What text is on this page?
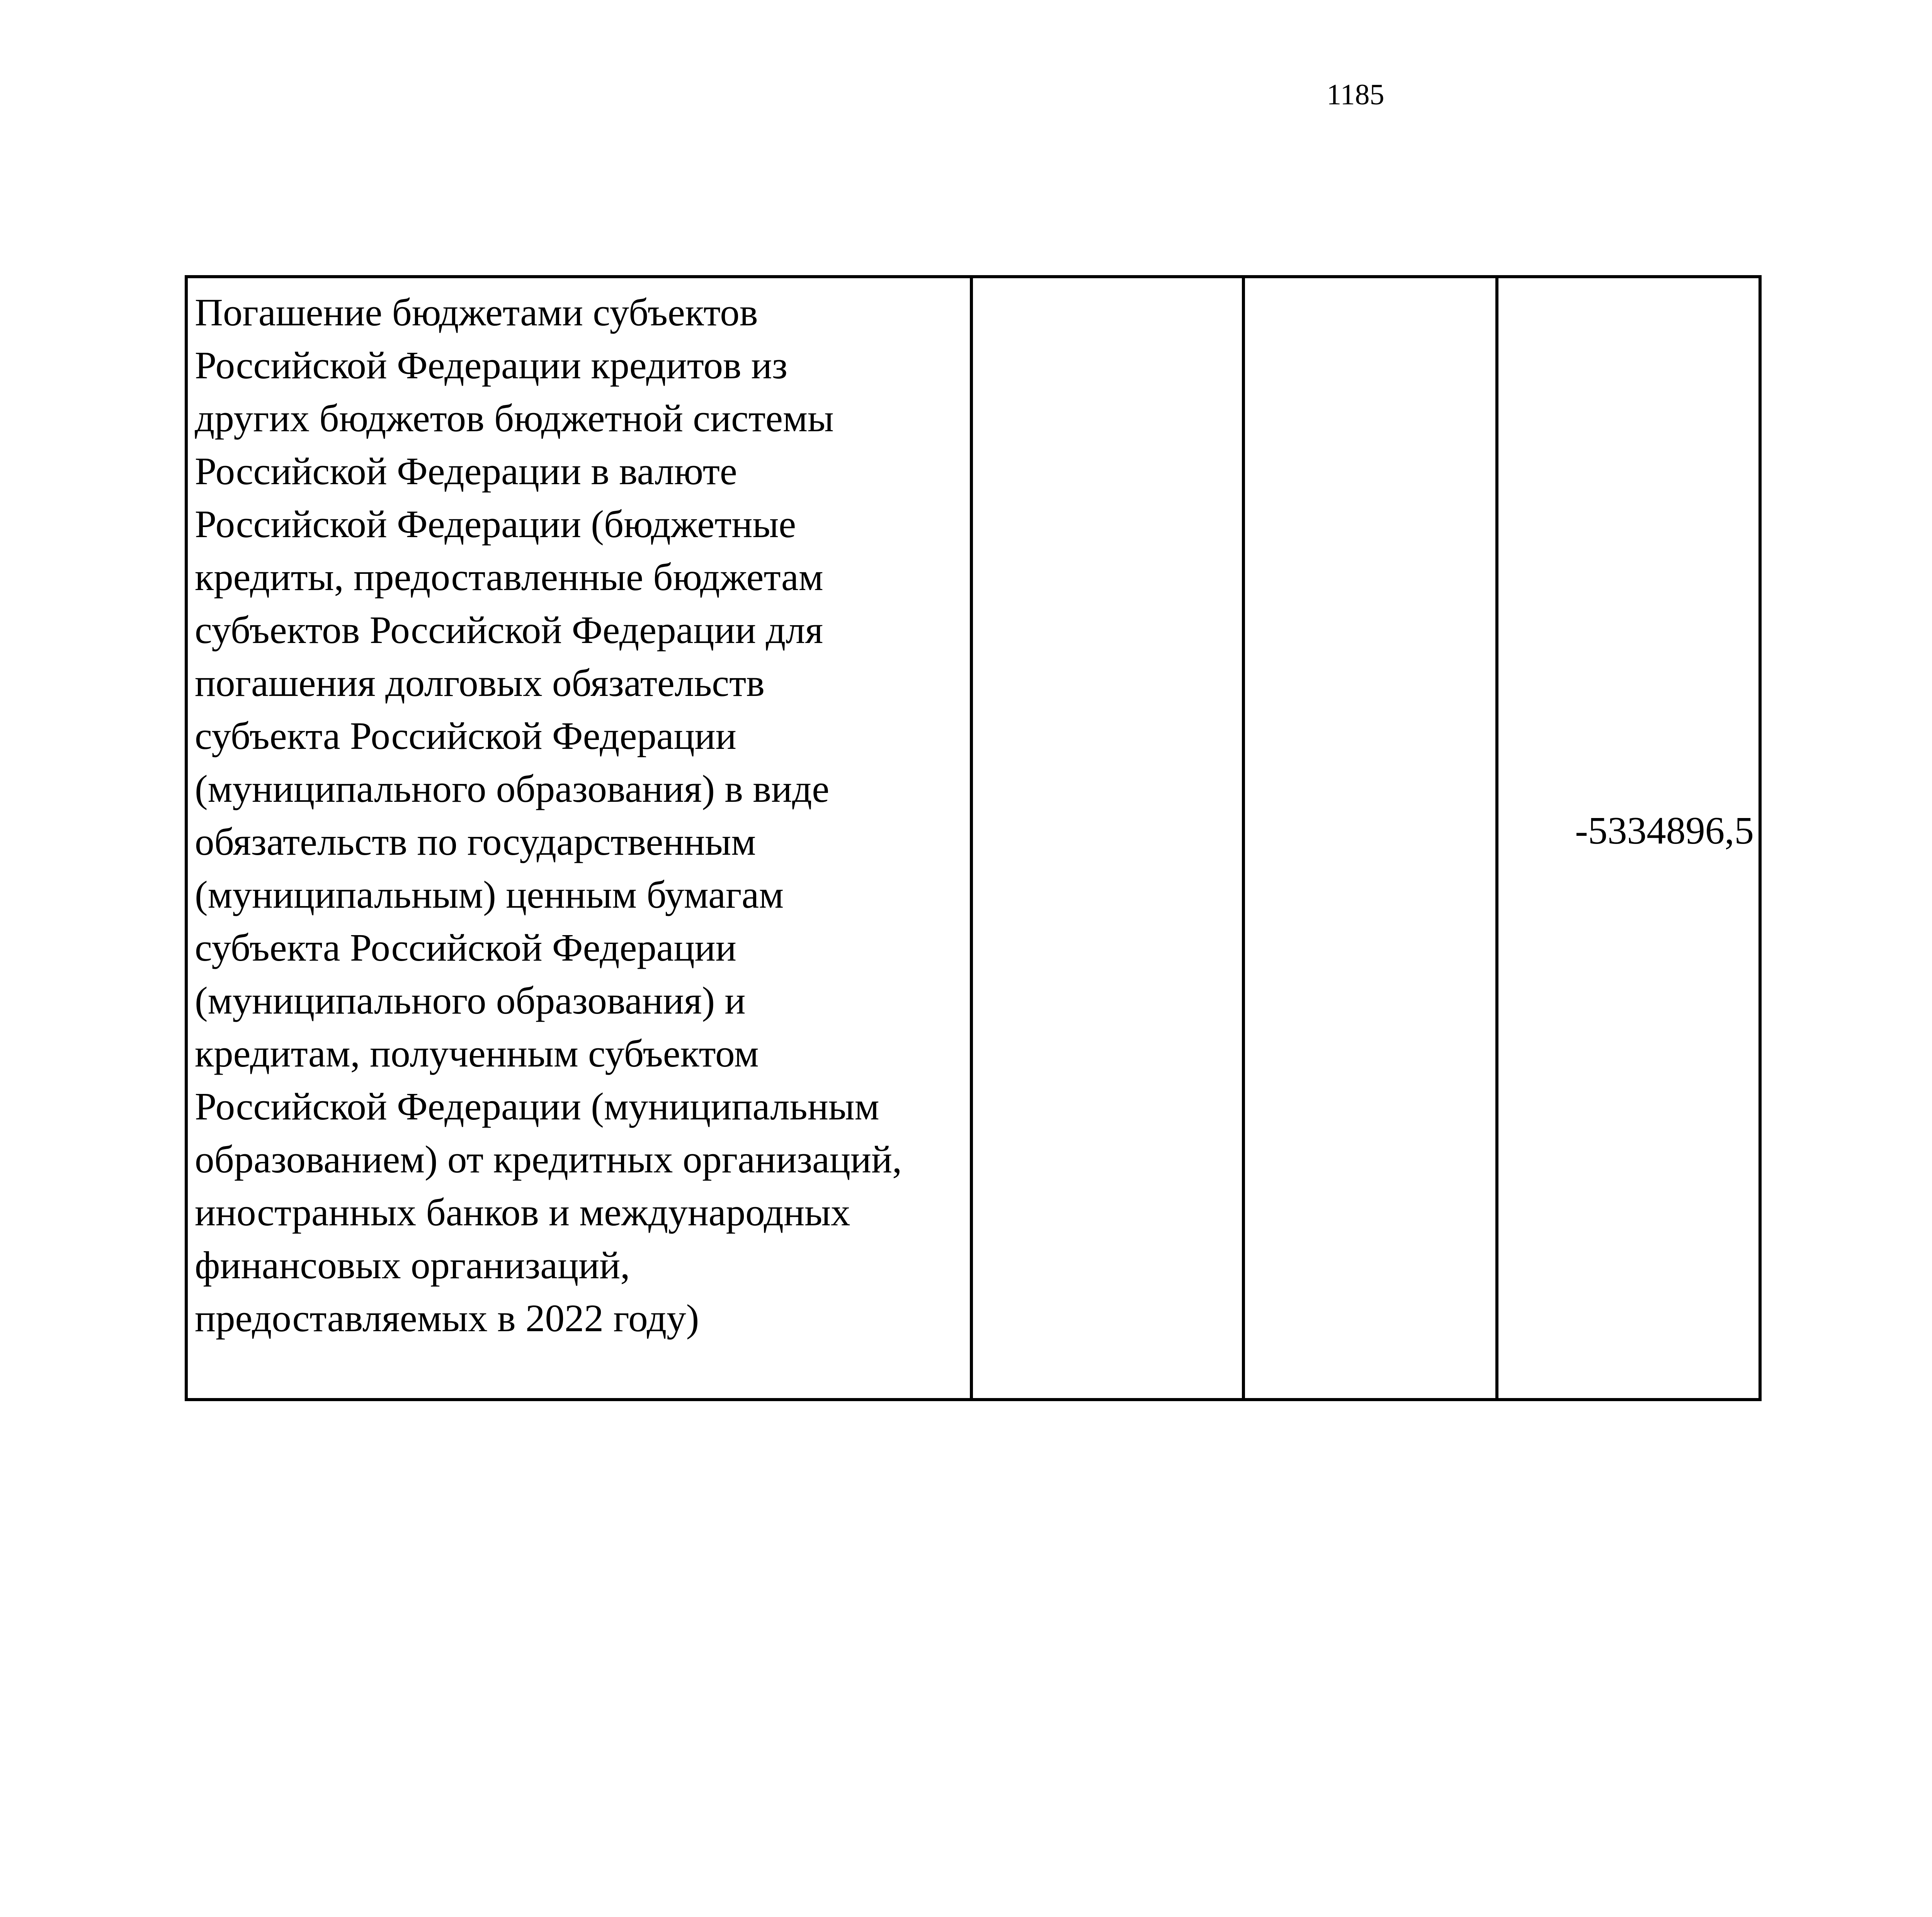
1185
Погашение бюджетами субъектов
Российской Федерации кредитов из
других бюджетов бюджетной системы
Российской Федерации в валюте
Российской Федерации (бюджетные
кредиты, предоставленные бюджетам
субъектов Российской Федерации для
погашения долговых обязательств
субъекта Российской Федерации
(муниципального образования) в виде
обязательств по государственным
(муниципальным) ценным бумагам
субъекта Российской Федерации
(муниципального образования) и
кредитам, полученным субъектом
Российской Федерации (муниципальным
образованием) от кредитных организаций,
иностранных банков и международных
финансовых организаций,
предоставляемых в 2022 году)

-5334896,5
